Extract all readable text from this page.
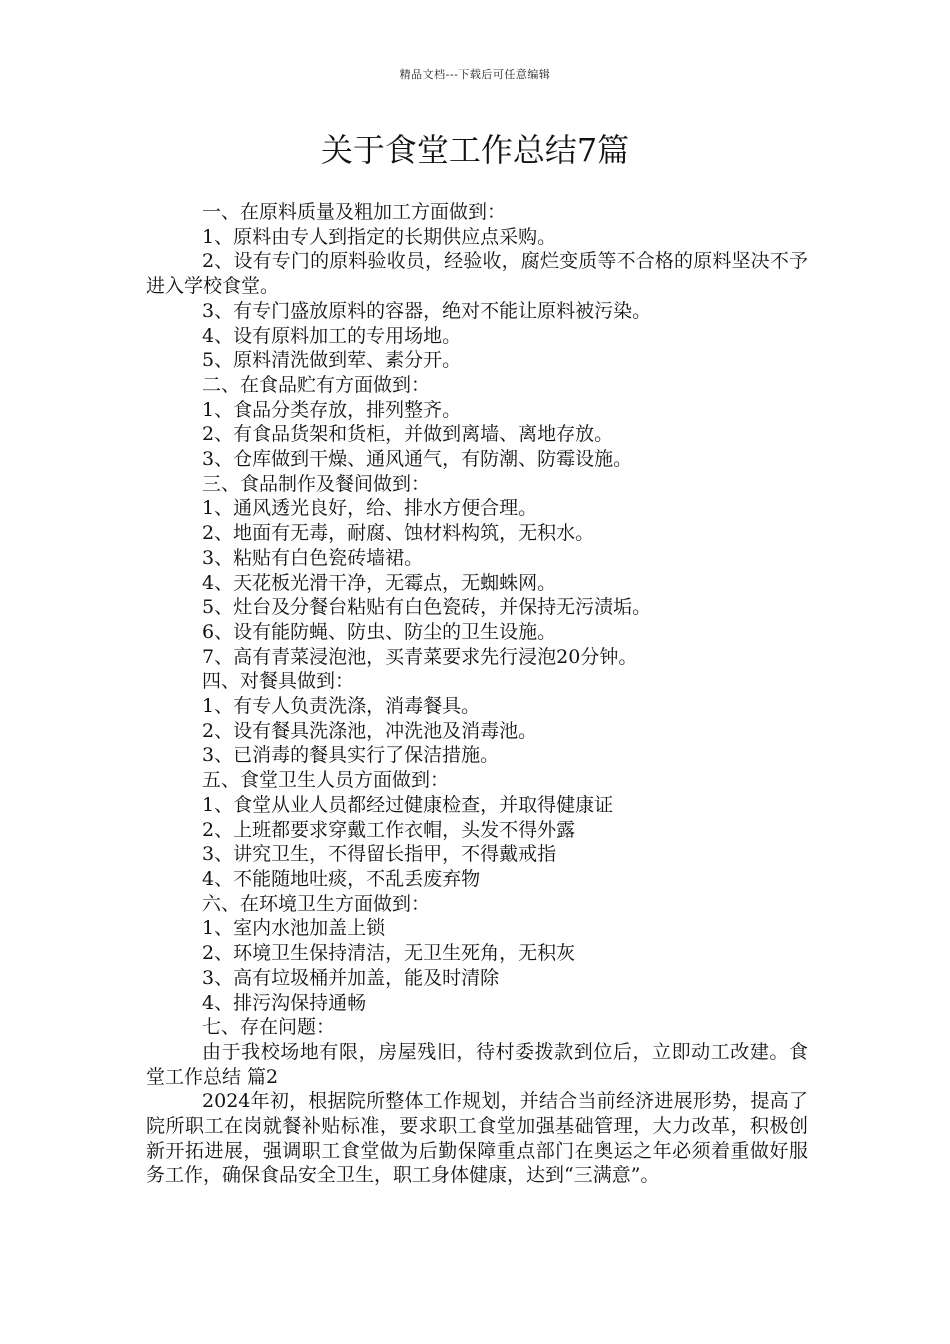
精品文档---下载后可任意编辑
关于食堂工作总结7篇

一、在原料质量及粗加工方面做到：

1、原料由专人到指定的长期供应点采购。

2、设有专门的原料验收员，经验收，腐烂变质等不合格的原料坚决不予进入学校食堂。

3、有专门盛放原料的容器，绝对不能让原料被污染。

4、设有原料加工的专用场地。

5、原料清洗做到荤、素分开。

二、在食品贮有方面做到：

1、食品分类存放，排列整齐。

2、有食品货架和货柜，并做到离墙、离地存放。

3、仓库做到干燥、通风通气，有防潮、防霉设施。

三、食品制作及餐间做到：

1、通风透光良好，给、排水方便合理。

2、地面有无毒，耐腐、蚀材料构筑，无积水。

3、粘贴有白色瓷砖墙裙。

4、天花板光滑干净，无霉点，无蜘蛛网。

5、灶台及分餐台粘贴有白色瓷砖，并保持无污渍垢。

6、设有能防蝇、防虫、防尘的卫生设施。

7、高有青菜浸泡池，买青菜要求先行浸泡20分钟。

四、对餐具做到：

1、有专人负责洗涤，消毒餐具。

2、设有餐具洗涤池，冲洗池及消毒池。

3、已消毒的餐具实行了保洁措施。

五、食堂卫生人员方面做到：

1、食堂从业人员都经过健康检查，并取得健康证

2、上班都要求穿戴工作衣帽，头发不得外露

3、讲究卫生，不得留长指甲，不得戴戒指

4、不能随地吐痰，不乱丢废弃物

六、在环境卫生方面做到：

1、室内水池加盖上锁

2、环境卫生保持清洁，无卫生死角，无积灰

3、高有垃圾桶并加盖，能及时清除

4、排污沟保持通畅

七、存在问题：

由于我校场地有限，房屋残旧，待村委拨款到位后，立即动工改建。食堂工作总结 篇2

2024年初，根据院所整体工作规划，并结合当前经济进展形势，提高了院所职工在岗就餐补贴标准，要求职工食堂加强基础管理，大力改革，积极创新开拓进展，强调职工食堂做为后勤保障重点部门在奥运之年必须着重做好服务工作，确保食品安全卫生，职工身体健康，达到“三满意”。
